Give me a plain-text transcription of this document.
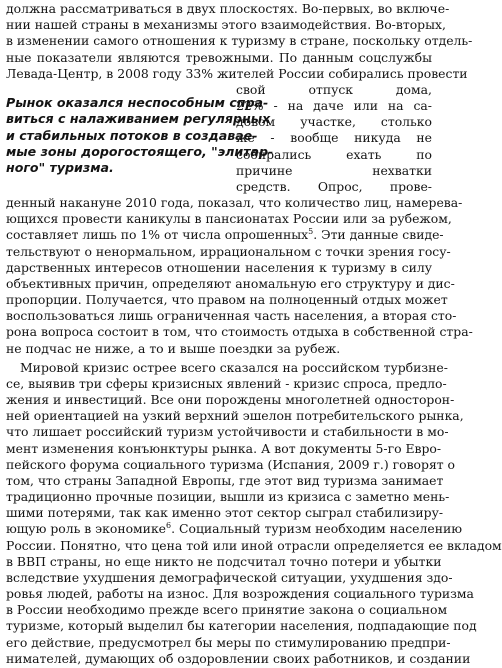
должна рассматриваться в двух плоскостях. Во-первых, во включе-
нии нашей страны в механизмы этого взаимодействия. Во-вторых,
в изменении самого отношения к туризму в стране, поскольку отдель-
ные показатели являются тревожными. По данным соцслужбы
Левада-Центр, в 2008 году 33% жителей России собирались провести
Рынок оказался неспособным спра-
виться с налаживанием регулярных
и стабильных потоков в создавае-
мые зоны дорогостоящего, "элитар-
ного" туризма.
свой отпуск дома,
22% - на даче или на са-
довом участке, столько
же - вообще никуда не
собирались ехать по
причине нехватки
средств. Опрос, прове-
денный накануне 2010 года, показал, что количество лиц, намерева-
ющихся провести каникулы в пансионатах России или за рубежом,
составляет лишь по 1% от числа опрошенных$^5$. Эти данные свиде-
тельствуют о ненормальном, иррациональном с точки зрения госу-
дарственных интересов отношении населения к туризму в силу
объективных причин, определяют аномальную его структуру и дис-
пропорции. Получается, что правом на полноценный отдых может
воспользоваться лишь ограниченная часть населения, а вторая сто-
рона вопроса состоит в том, что стоимость отдыха в собственной стра-
не подчас не ниже, а то и выше поездки за рубеж.
Мировой кризис острее всего сказался на российском турбизне-
се, выявив три сферы кризисных явлений - кризис спроса, предло-
жения и инвестиций. Все они порождены многолетней односторон-
ней ориентацией на узкий верхний эшелон потребительского рынка,
что лишает российский туризм устойчивости и стабильности в мо-
мент изменения конъюнктуры рынка. А вот документы 5-го Евро-
пейского форума социального туризма (Испания, 2009 г.) говорят о
том, что страны Западной Европы, где этот вид туризма занимает
традиционно прочные позиции, вышли из кризиса с заметно мень-
шими потерями, так как именно этот сектор сыграл стабилизиру-
ющую роль в экономике$^6$. Социальный туризм необходим населению
России. Понятно, что цена той или иной отрасли определяется ее вкладом
в ВВП страны, но еще никто не подсчитал точно потери и убытки
вследствие ухудшения демографической ситуации, ухудшения здо-
ровья людей, работы на износ. Для возрождения социального туризма
в России необходимо прежде всего принятие закона о социальном
туризме, который выделил бы категории населения, подпадающие под
его действие, предусмотрел бы меры по стимулированию предпри-
нимателей, думающих об оздоровлении своих работников, и создании
